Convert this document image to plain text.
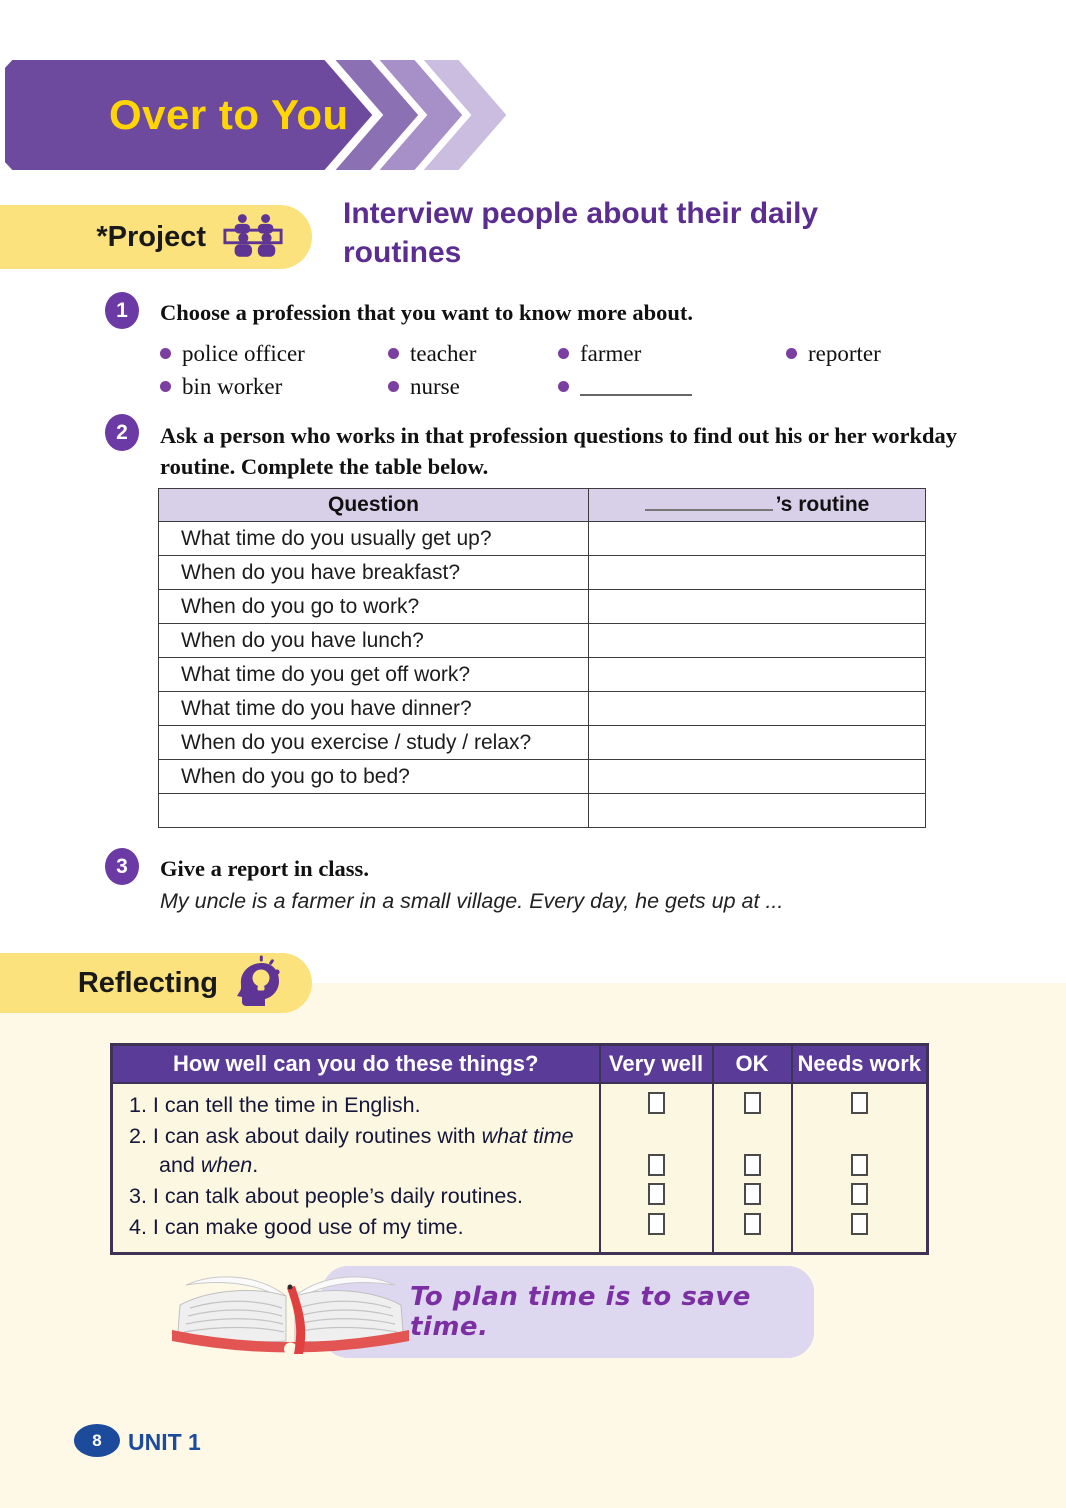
Over to You
*Project
Interview people about their daily routines
1	Choose a profession that you want to know more about.
police officer	teacher	farmer	reporter
bin worker	nurse
2	Ask a person who works in that profession questions to find out his or her workday routine. Complete the table below.
Question	’s routine
What time do you usually get up?	
When do you have breakfast?	
When do you go to work?	
When do you have lunch?	
What time do you get off work?	
What time do you have dinner?	
When do you exercise / study / relax?	
When do you go to bed?	

3	Give a report in class.
My uncle is a farmer in a small village. Every day, he gets up at ...
Reflecting
How well can you do these things?	Very well	OK	Needs work

1. I can tell the time in English.			

2. I can ask about daily routines with what time
and when.			

3. I can talk about people’s daily routines.			

4. I can make good use of my time.			

To plan time is to save time.
8	UNIT 1
